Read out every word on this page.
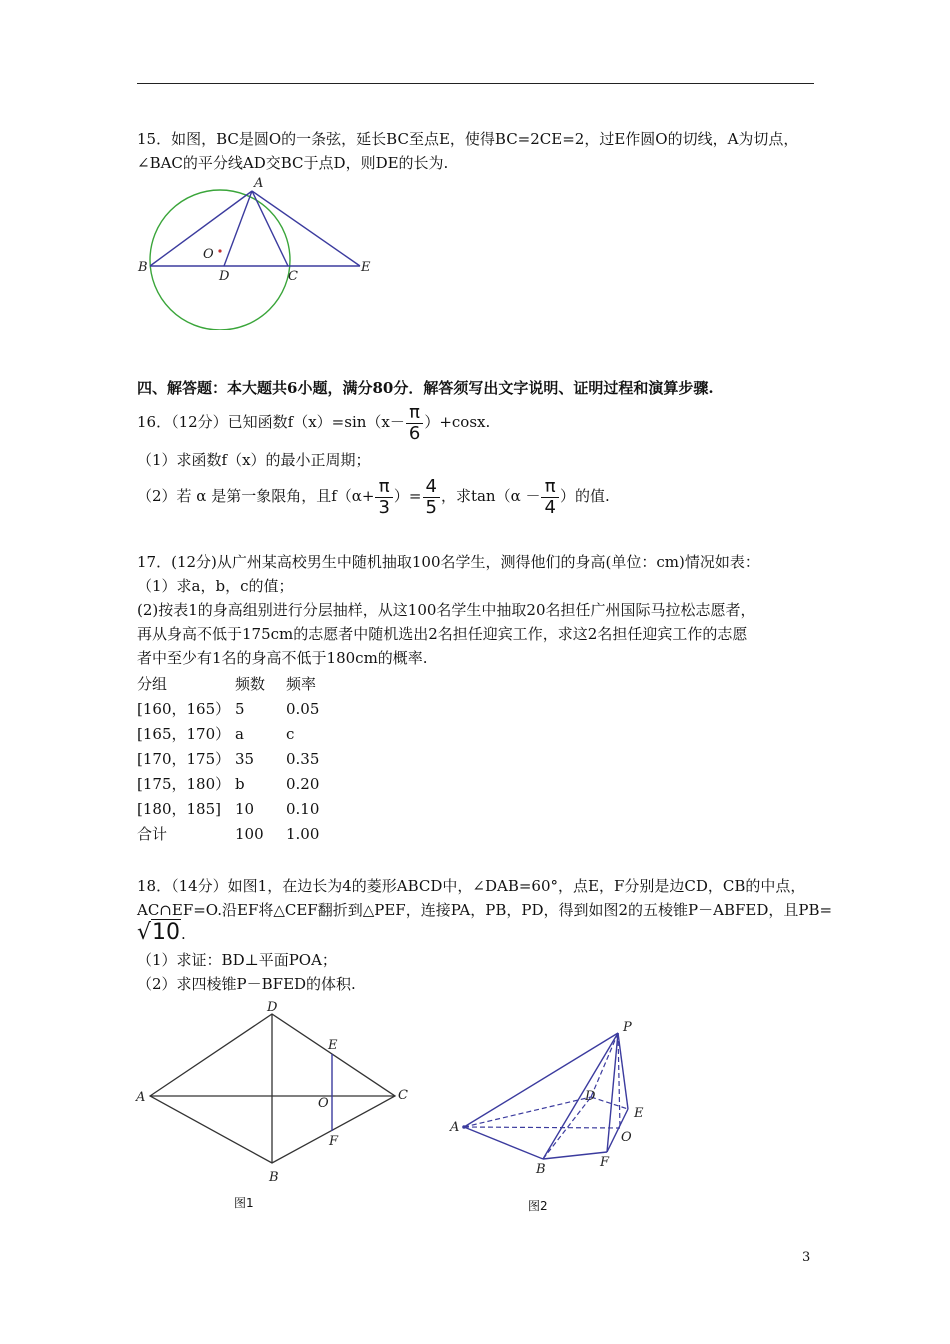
15．如图，BC是圆O的一条弦，延长BC至点E，使得BC=2CE=2，过E作圆O的切线，A为切点，
∠BAC的平分线AD交BC于点D，则DE的长为.
A
B
C
D
E
O
四、解答题：本大题共6小题，满分80分．解答须写出文字说明、证明过程和演算步骤.
16．（12分）已知函数$f(x)=\sin(x- \frac{\pi}{6} )+\cos x$.
（1）求函数f（x）的最小正周期；
（2）若 α 是第一象限角，且$f(\alpha+ \frac{\pi}{3}$ ）= $\frac{4}{5}$ ，求$\tan(\alpha - \frac{\pi}{4}$ ）的值.
17．(12分)从广州某高校男生中随机抽取100名学生，测得他们的身高(单位：cm)情况如表：
（1）求a，b，c的值；
(2)按表1的身高组别进行分层抽样，从这100名学生中抽取20名担任广州国际马拉松志愿者，
再从身高不低于175cm的志愿者中随机选出2名担任迎宾工作，求这2名担任迎宾工作的志愿
者中至少有1名的身高不低于180cm的概率.
分组	频数 频率
[160，165） 5	0.05
[165，170） a	c
[170，175） 35 0.35
[175，180） b	0.20
[180，185] 10 0.10
合计	100 1.00
18．（14分）如图1，在边长为4的菱形ABCD中，∠DAB=60°，点E，F分别是边CD，CB的中点，
AC∩EF=O.沿EF将△CEF翻折到△PEF，连接PA，PB，PD，得到如图2的五棱锥P－ABFED，且PB=
√10.
（1）求证：BD⊥平面POA；
（2）求四棱锥P－BFED的体积.
A
B
C
D
E
F
O
图1
P
A
B
D
E
F
O
图2
3
